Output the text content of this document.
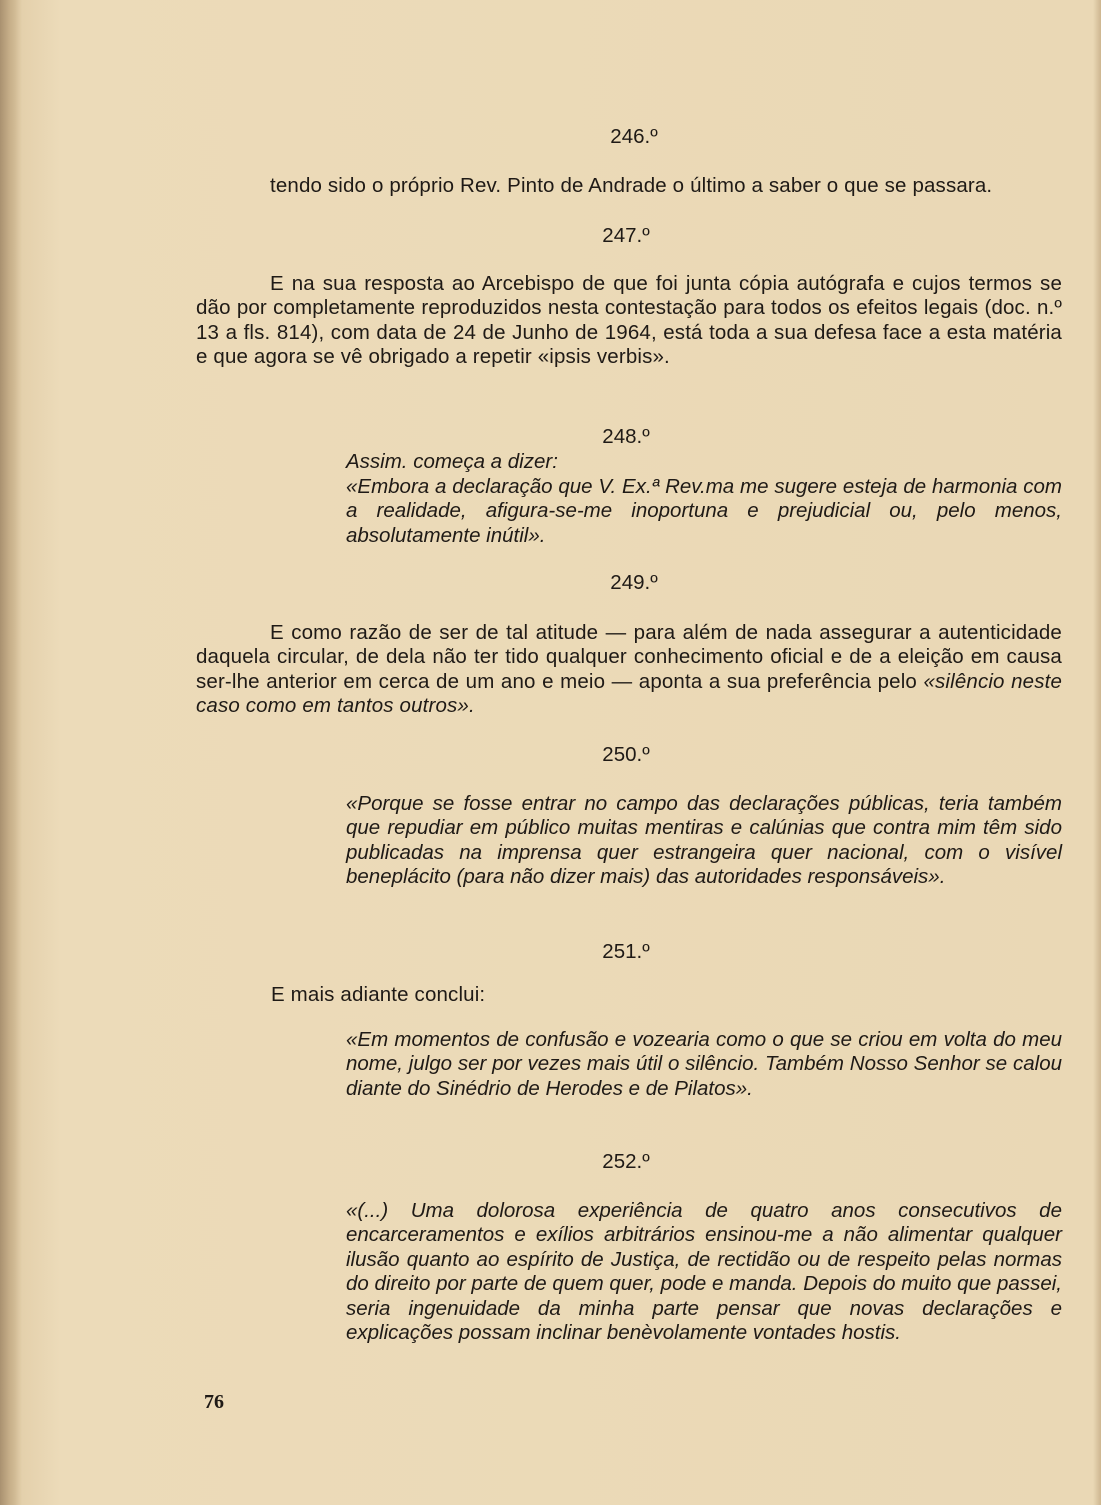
246.º

tendo sido o próprio Rev. Pinto de Andrade o último a saber o que se passara.

247.º

E na sua resposta ao Arcebispo de que foi junta cópia autógrafa e cujos termos se dão por completamente reproduzidos nesta contestação para todos os efeitos legais (doc. n.º 13 a fls. 814), com data de 24 de Junho de 1964, está toda a sua defesa face a esta matéria e que agora se vê obrigado a repetir «ipsis verbis».

248.º

Assim. começa a dizer:

«Embora a declaração que V. Ex.ª Rev.ma me sugere esteja de harmonia com a realidade, afigura-se-me inoportuna e prejudicial ou, pelo menos, absolutamente inútil».

249.º

E como razão de ser de tal atitude — para além de nada assegurar a autenticidade daquela circular, de dela não ter tido qualquer conhecimento oficial e de a eleição em causa ser-lhe anterior em cerca de um ano e meio — aponta a sua preferência pelo «silêncio neste caso como em tantos outros».

250.º

«Porque se fosse entrar no campo das declarações públicas, teria também que repudiar em público muitas mentiras e calúnias que contra mim têm sido publicadas na imprensa quer estrangeira quer nacional, com o visível beneplácito (para não dizer mais) das autoridades responsáveis».

251.º

E mais adiante conclui:

«Em momentos de confusão e vozearia como o que se criou em volta do meu nome, julgo ser por vezes mais útil o silêncio. Também Nosso Senhor se calou diante do Sinédrio de Herodes e de Pilatos».

252.º

«(...) Uma dolorosa experiência de quatro anos consecutivos de encarceramentos e exílios arbitrários ensinou-me a não alimentar qualquer ilusão quanto ao espírito de Justiça, de rectidão ou de respeito pelas normas do direito por parte de quem quer, pode e manda. Depois do muito que passei, seria ingenuidade da minha parte pensar que novas declarações e explicações possam inclinar benèvolamente vontades hostis.

76
